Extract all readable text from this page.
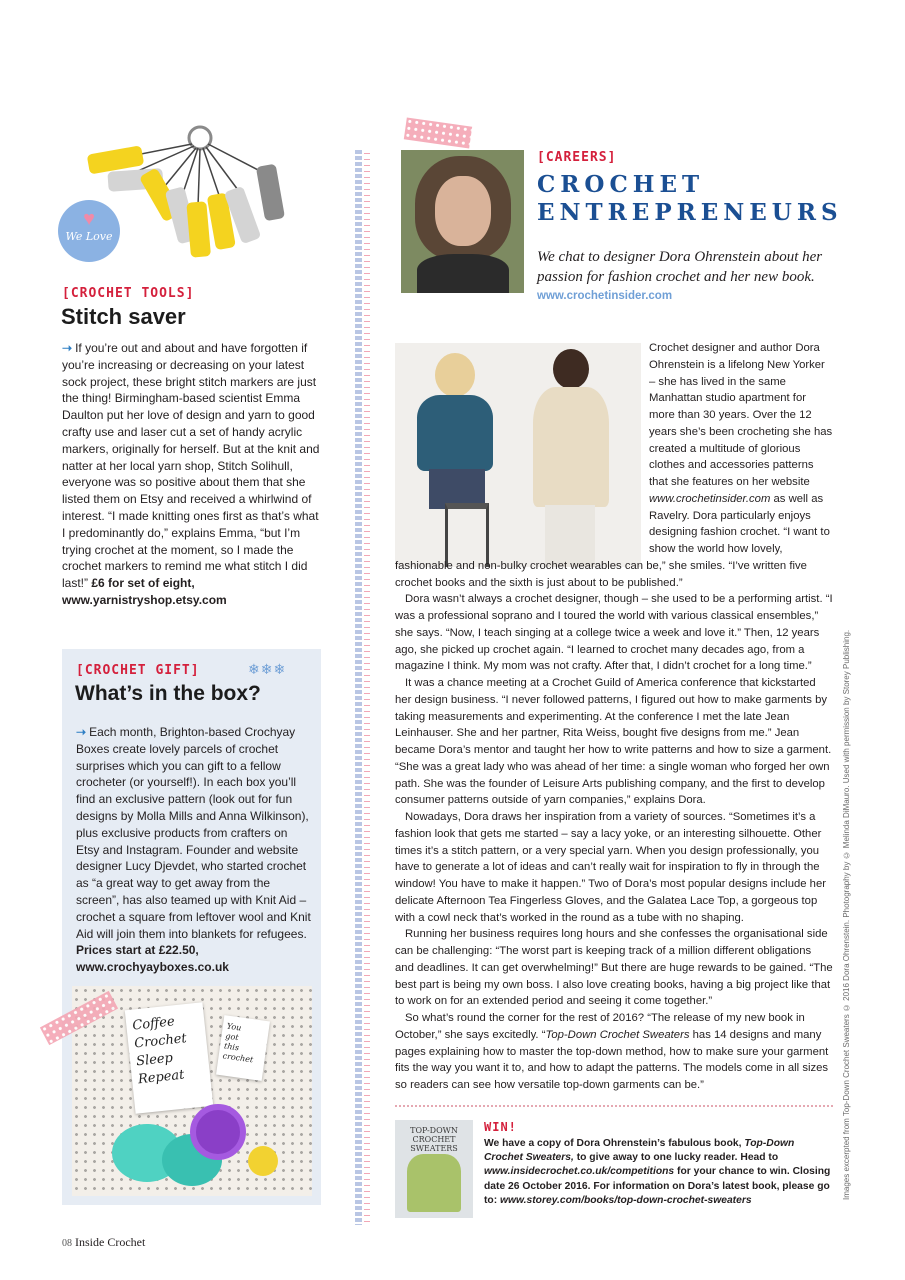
♥
We Love
[CROCHET TOOLS]
Stitch saver
➝ If you’re out and about and have forgotten if you’re increasing or decreasing on your latest sock project, these bright stitch markers are just the thing! Birmingham-based scientist Emma Daulton put her love of design and yarn to good crafty use and laser cut a set of handy acrylic markers, originally for herself. But at the knit and natter at her local yarn shop, Stitch Solihull, everyone was so positive about them that she listed them on Etsy and received a whirlwind of interest. “I made knitting ones first as that’s what I predominantly do,” explains Emma, “but I’m trying crochet at the moment, so I made the crochet markers to remind me what stitch I did last!” £6 for set of eight, www.yarnistryshop.etsy.com
[CROCHET GIFT]	❄❄❄
What’s in the box?
➝ Each month, Brighton-based Crochyay Boxes create lovely parcels of crochet surprises which you can gift to a fellow crocheter (or yourself!). In each box you’ll find an exclusive pattern (look out for fun designs by Molla Mills and Anna Wilkinson), plus exclusive products from crafters on Etsy and Instagram. Founder and website designer Lucy Djevdet, who started crochet as “a great way to get away from the screen”, has also teamed up with Knit Aid – crochet a square from leftover wool and Knit Aid will join them into blankets for refugees. Prices start at £22.50, www.crochyayboxes.co.uk
Coffee
Crochet
Sleep
Repeat
You
got
this
crochet
[CAREERS]
CROCHET
ENTREPRENEURS
We chat to designer Dora Ohrenstein about her passion for fashion crochet and her new book.
www.crochetinsider.com

Crochet designer and author Dora Ohrenstein is a lifelong New Yorker – she has lived in the same Manhattan studio apartment for more than 30 years. Over the 12 years she’s been crocheting she has created a multitude of glorious clothes and accessories patterns that she features on her website www.crochetinsider.com as well as Ravelry. Dora particularly enjoys designing fashion crochet. “I want to show the world how lovely, fashionable and non-bulky crochet wearables can be,” she smiles. “I’ve written five crochet books and the sixth is just about to be published.”

Dora wasn’t always a crochet designer, though – she used to be a performing artist. “I was a professional soprano and I toured the world with various classical ensembles,” she says. “Now, I teach singing at a college twice a week and love it.” Then, 12 years ago, she picked up crochet again. “I learned to crochet many decades ago, from a magazine I think. My mom was not crafty. After that, I didn’t crochet for a long time.”

It was a chance meeting at a Crochet Guild of America conference that kickstarted her design business. “I never followed patterns, I figured out how to make garments by taking measurements and experimenting. At the conference I met the late Jean Leinhauser. She and her partner, Rita Weiss, bought five designs from me.” Jean became Dora’s mentor and taught her how to write patterns and how to size a garment. “She was a great lady who was ahead of her time: a single woman who forged her own path. She was the founder of Leisure Arts publishing company, and the first to develop consumer patterns outside of yarn companies,” explains Dora.

Nowadays, Dora draws her inspiration from a variety of sources. “Sometimes it’s a fashion look that gets me started – say a lacy yoke, or an interesting silhouette. Other times it’s a stitch pattern, or a very special yarn. When you design professionally, you have to generate a lot of ideas and can’t really wait for inspiration to fly in through the window! You have to make it happen.” Two of Dora’s most popular designs include her delicate Afternoon Tea Fingerless Gloves, and the Galatea Lace Top, a gorgeous top with a cowl neck that’s worked in the round as a tube with no shaping.

Running her business requires long hours and she confesses the organisational side can be challenging: “The worst part is keeping track of a million different obligations and deadlines. It can get overwhelming!” But there are huge rewards to be gained. “The best part is being my own boss. I also love creating books, having a big project like that to work on for an extended period and seeing it come together.”

So what’s round the corner for the rest of 2016? “The release of my new book in October,” she says excitedly. “Top-Down Crochet Sweaters has 14 designs and many pages explaining how to master the top-down method, how to make sure your garment fits the way you want it to, and how to adapt the patterns. The models come in all sizes so readers can see how versatile top-down garments can be.”

TOP-DOWN CROCHET SWEATERS
WIN!
We have a copy of Dora Ohrenstein’s fabulous book, Top-Down Crochet Sweaters, to give away to one lucky reader. Head to www.insidecrochet.co.uk/competitions for your chance to win. Closing date 26 October 2016. For information on Dora’s latest book, please go to: www.storey.com/books/top-down-crochet-sweaters
Images excerpted from Top-Down Crochet Sweaters © 2016 Dora Ohrenstein. Photography by © Melinda DiMauro. Used with permission by Storey Publishing.
08 Inside Crochet
